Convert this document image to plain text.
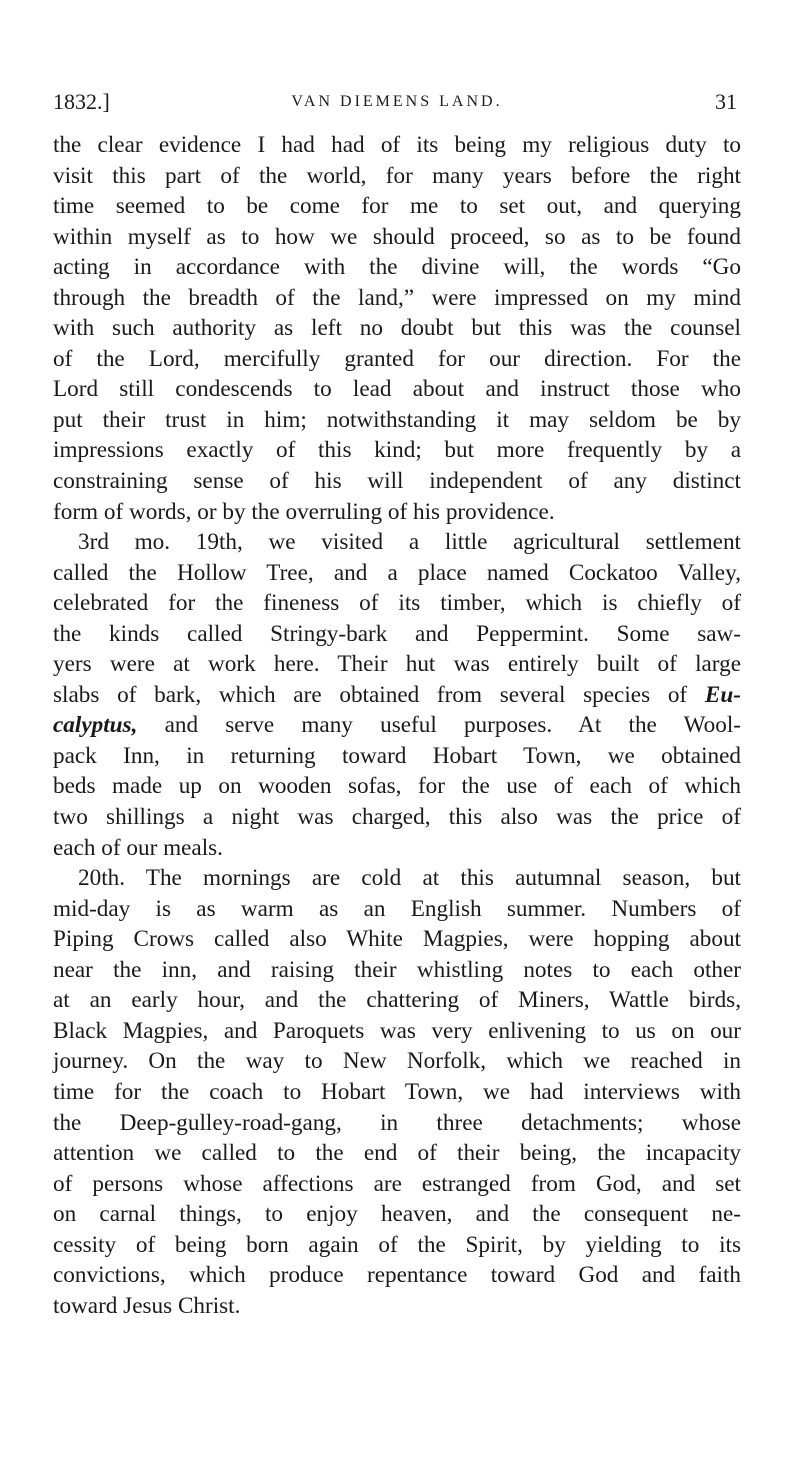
1832.]	VAN DIEMENS LAND.	31

the clear evidence I had had of its being my religious duty to
visit this part of the world, for many years before the right
time seemed to be come for me to set out, and querying
within myself as to how we should proceed, so as to be found
acting in accordance with the divine will, the words “Go
through the breadth of the land,” were impressed on my mind
with such authority as left no doubt but this was the counsel
of the Lord, mercifully granted for our direction. For the
Lord still condescends to lead about and instruct those who
put their trust in him; notwithstanding it may seldom be by
impressions exactly of this kind; but more frequently by a
constraining sense of his will independent of any distinct
form of words, or by the overruling of his providence.

3rd mo. 19th, we visited a little agricultural settlement
called the Hollow Tree, and a place named Cockatoo Valley,
celebrated for the fineness of its timber, which is chiefly of
the kinds called Stringy-bark and Peppermint. Some saw-
yers were at work here. Their hut was entirely built of large
slabs of bark, which are obtained from several species of Eu-
calyptus, and serve many useful purposes. At the Wool-
pack Inn, in returning toward Hobart Town, we obtained
beds made up on wooden sofas, for the use of each of which
two shillings a night was charged, this also was the price of
each of our meals.

20th. The mornings are cold at this autumnal season, but
mid-day is as warm as an English summer. Numbers of
Piping Crows called also White Magpies, were hopping about
near the inn, and raising their whistling notes to each other
at an early hour, and the chattering of Miners, Wattle birds,
Black Magpies, and Paroquets was very enlivening to us on our
journey. On the way to New Norfolk, which we reached in
time for the coach to Hobart Town, we had interviews with
the Deep-gulley-road-gang, in three detachments; whose
attention we called to the end of their being, the incapacity
of persons whose affections are estranged from God, and set
on carnal things, to enjoy heaven, and the consequent ne-
cessity of being born again of the Spirit, by yielding to its
convictions, which produce repentance toward God and faith
toward Jesus Christ.
